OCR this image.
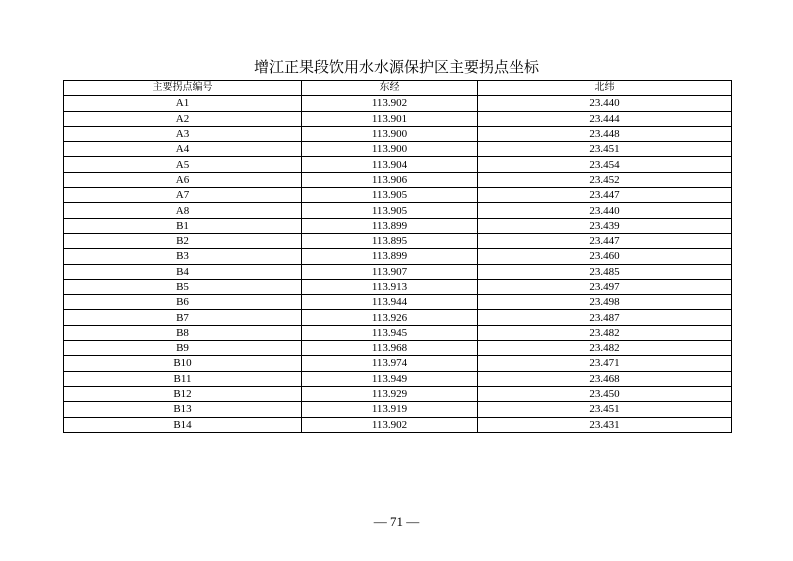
增江正果段饮用水水源保护区主要拐点坐标
主要拐点编号	东经	北纬
A1	113.902	23.440
A2	113.901	23.444
A3	113.900	23.448
A4	113.900	23.451
A5	113.904	23.454
A6	113.906	23.452
A7	113.905	23.447
A8	113.905	23.440
B1	113.899	23.439
B2	113.895	23.447
B3	113.899	23.460
B4	113.907	23.485
B5	113.913	23.497
B6	113.944	23.498
B7	113.926	23.487
B8	113.945	23.482
B9	113.968	23.482
B10	113.974	23.471
B11	113.949	23.468
B12	113.929	23.450
B13	113.919	23.451
B14	113.902	23.431
— 71 —
